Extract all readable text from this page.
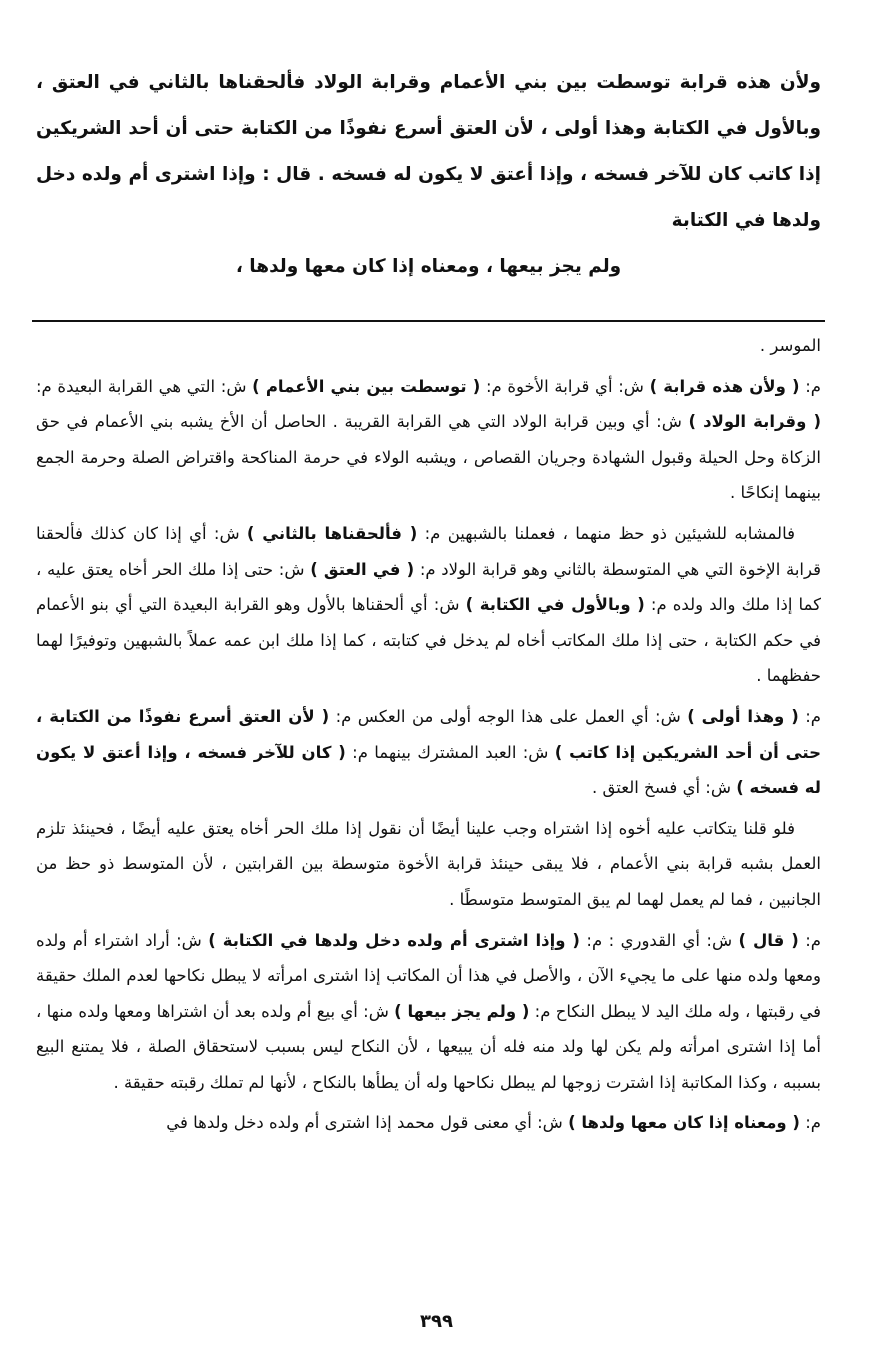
ولأن هذه قرابة توسطت بين بني الأعمام وقرابة الولاد فألحقناها بالثاني في العتق ، وبالأول في الكتابة وهذا أولى ، لأن العتق أسرع نفوذًا من الكتابة حتى أن أحد الشريكين إذا كاتب كان للآخر فسخه ، وإذا أعتق لا يكون له فسخه . قال : وإذا اشترى أم ولده دخل ولدها في الكتابة
ولم يجز بيعها ، ومعناه إذا كان معها ولدها ،

الموسر .

م: ( ولأن هذه قرابة ) ش: أي قرابة الأخوة م: ( توسطت بين بني الأعمام ) ش: التي هي القرابة البعيدة م: ( وقرابة الولاد ) ش: أي وبين قرابة الولاد التي هي القرابة القريبة . الحاصل أن الأخ يشبه بني الأعمام في حق الزكاة وحل الحيلة وقبول الشهادة وجريان القصاص ، ويشبه الولاء في حرمة المناكحة واقتراض الصلة وحرمة الجمع بينهما إنكاحًا .

فالمشابه للشيئين ذو حظ منهما ، فعملنا بالشبهين م: ( فألحقناها بالثاني ) ش: أي إذا كان كذلك فألحقنا قرابة الإخوة التي هي المتوسطة بالثاني وهو قرابة الولاد م: ( في العتق ) ش: حتى إذا ملك الحر أخاه يعتق عليه ، كما إذا ملك والد ولده م: ( وبالأول في الكتابة ) ش: أي ألحقناها بالأول وهو القرابة البعيدة التي أي بنو الأعمام في حكم الكتابة ، حتى إذا ملك المكاتب أخاه لم يدخل في كتابته ، كما إذا ملك ابن عمه عملاً بالشبهين وتوفيرًا لهما حفظهما .

م: ( وهذا أولى ) ش: أي العمل على هذا الوجه أولى من العكس م: ( لأن العتق أسرع نفوذًا من الكتابة ، حتى أن أحد الشريكين إذا كاتب ) ش: العبد المشترك بينهما م: ( كان للآخر فسخه ، وإذا أعتق لا يكون له فسخه ) ش: أي فسخ العتق .

فلو قلنا يتكاتب عليه أخوه إذا اشتراه وجب علينا أيضًا أن نقول إذا ملك الحر أخاه يعتق عليه أيضًا ، فحينئذ تلزم العمل بشبه قرابة بني الأعمام ، فلا يبقى حينئذ قرابة الأخوة متوسطة بين القرابتين ، لأن المتوسط ذو حظ من الجانبين ، فما لم يعمل لهما لم يبق المتوسط متوسطًا .

م: ( قال ) ش: أي القدوري : م: ( وإذا اشترى أم ولده دخل ولدها في الكتابة ) ش: أراد اشتراء أم ولده ومعها ولده منها على ما يجيء الآن ، والأصل في هذا أن المكاتب إذا اشترى امرأته لا يبطل نكاحها لعدم الملك حقيقة في رقبتها ، وله ملك اليد لا يبطل النكاح م: ( ولم يجز بيعها ) ش: أي بيع أم ولده بعد أن اشتراها ومعها ولده منها ، أما إذا اشترى امرأته ولم يكن لها ولد منه فله أن يبيعها ، لأن النكاح ليس بسبب لاستحقاق الصلة ، فلا يمتنع البيع بسببه ، وكذا المكاتبة إذا اشترت زوجها لم يبطل نكاحها وله أن يطأها بالنكاح ، لأنها لم تملك رقبته حقيقة .

م: ( ومعناه إذا كان معها ولدها ) ش: أي معنى قول محمد إذا اشترى أم ولده دخل ولدها في

٣٩٩
